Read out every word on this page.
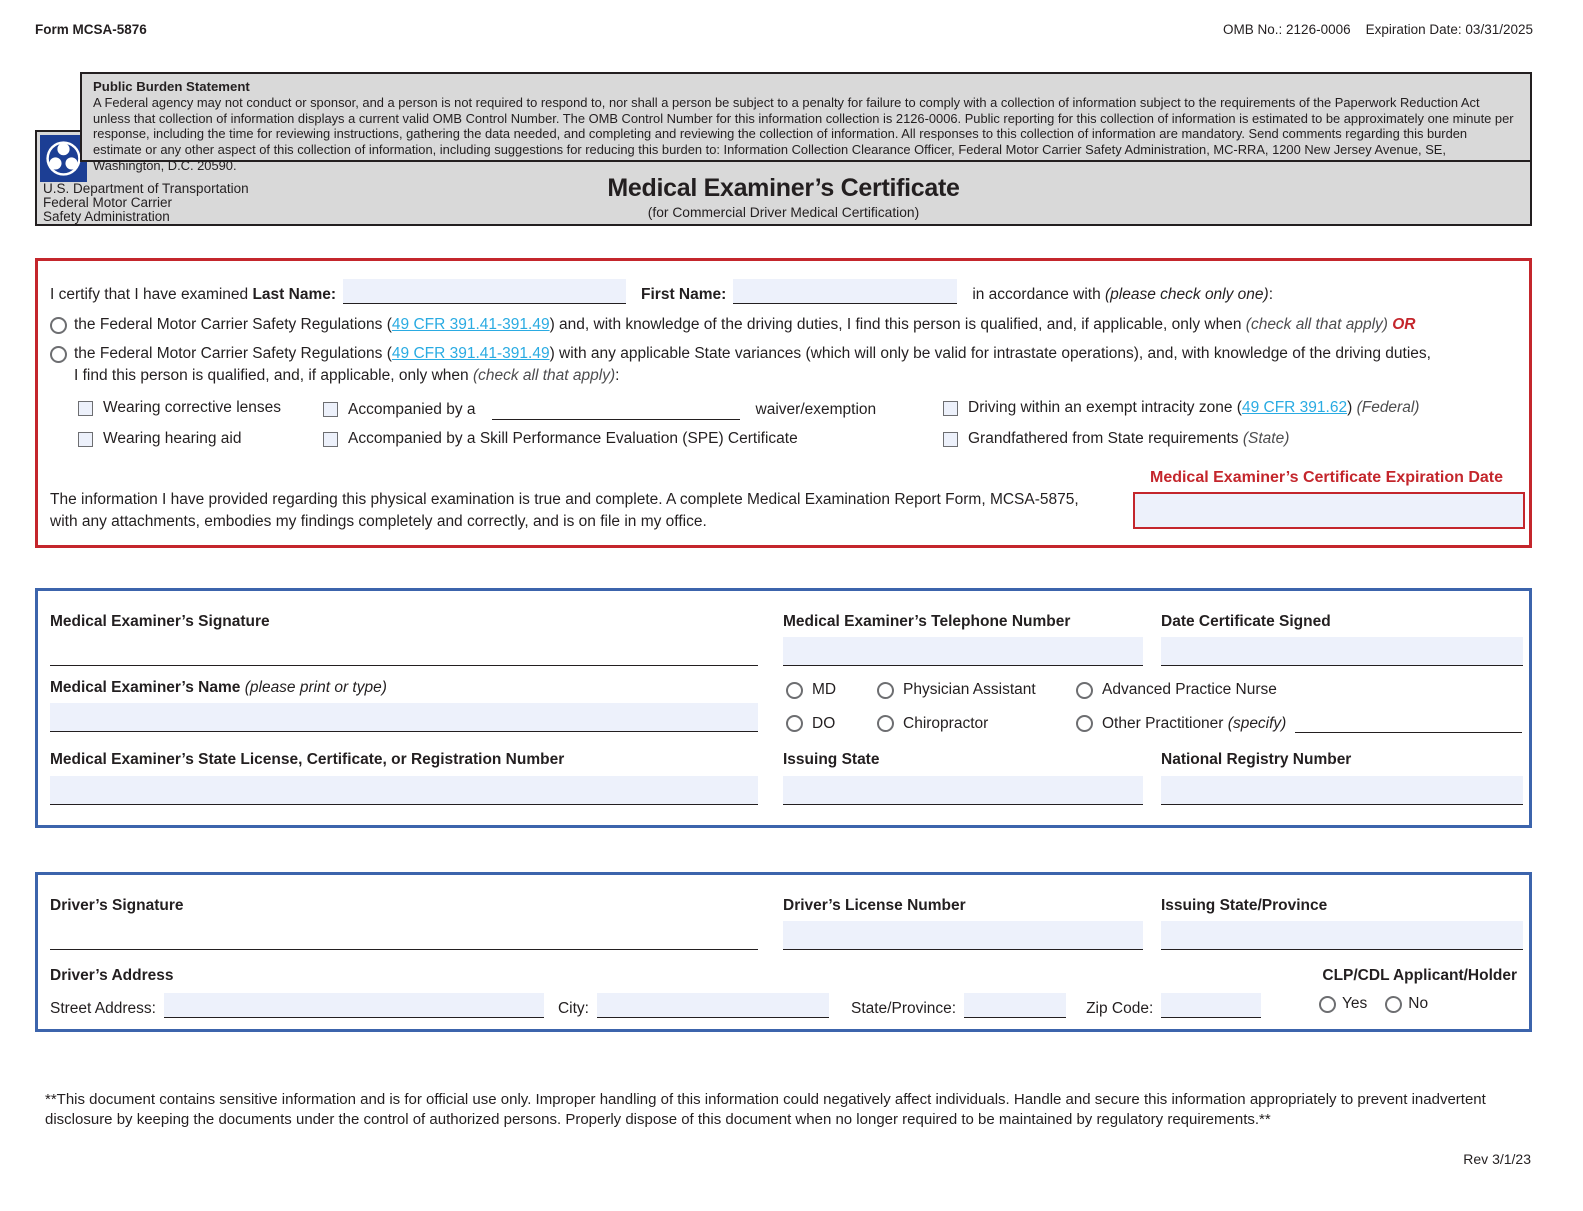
Form MCSA-5876	OMB No.: 2126-0006 Expiration Date: 03/31/2025
Public Burden Statement
A Federal agency may not conduct or sponsor, and a person is not required to respond to, nor shall a person be subject to a penalty for failure to comply with a collection of information subject to the requirements of the Paperwork Reduction Act unless that collection of information displays a current valid OMB Control Number. The OMB Control Number for this information collection is 2126-0006. Public reporting for this collection of information is estimated to be approximately one minute per response, including the time for reviewing instructions, gathering the data needed, and completing and reviewing the collection of information. All responses to this collection of information are mandatory. Send comments regarding this burden estimate or any other aspect of this collection of information, including suggestions for reducing this burden to: Information Collection Clearance Officer, Federal Motor Carrier Safety Administration, MC-RRA, 1200 New Jersey Avenue, SE, Washington, D.C. 20590.
U.S. Department of Transportation
Federal Motor Carrier
Safety Administration
Medical Examiner’s Certificate
(for Commercial Driver Medical Certification)
I certify that I have examined Last Name:	First Name:	in accordance with (please check only one):
the Federal Motor Carrier Safety Regulations (49 CFR 391.41-391.49) and, with knowledge of the driving duties, I find this person is qualified, and, if applicable, only when (check all that apply) OR
the Federal Motor Carrier Safety Regulations (49 CFR 391.41-391.49) with any applicable State variances (which will only be valid for intrastate operations), and, with knowledge of the driving duties,
I find this person is qualified, and, if applicable, only when (check all that apply):
Wearing corrective lenses	Accompanied by a	waiver/exemption	Driving within an exempt intracity zone (49 CFR 391.62) (Federal)
Wearing hearing aid	Accompanied by a Skill Performance Evaluation (SPE) Certificate	Grandfathered from State requirements (State)
The information I have provided regarding this physical examination is true and complete. A complete Medical Examination Report Form, MCSA-5875, with any attachments, embodies my findings completely and correctly, and is on file in my office.
Medical Examiner’s Certificate Expiration Date
Medical Examiner’s Signature	Medical Examiner’s Telephone Number	Date Certificate Signed
Medical Examiner’s Name (please print or type)	MD	Physician Assistant	Advanced Practice Nurse
DO	Chiropractor	Other Practitioner (specify)
Medical Examiner’s State License, Certificate, or Registration Number	Issuing State	National Registry Number
Driver’s Signature	Driver’s License Number	Issuing State/Province
Driver’s Address
Street Address:	City:	State/Province:	Zip Code:
CLP/CDL Applicant/Holder
Yes	No
**This document contains sensitive information and is for official use only. Improper handling of this information could negatively affect individuals. Handle and secure this information appropriately to prevent inadvertent disclosure by keeping the documents under the control of authorized persons. Properly dispose of this document when no longer required to be maintained by regulatory requirements.**
Rev 3/1/23
